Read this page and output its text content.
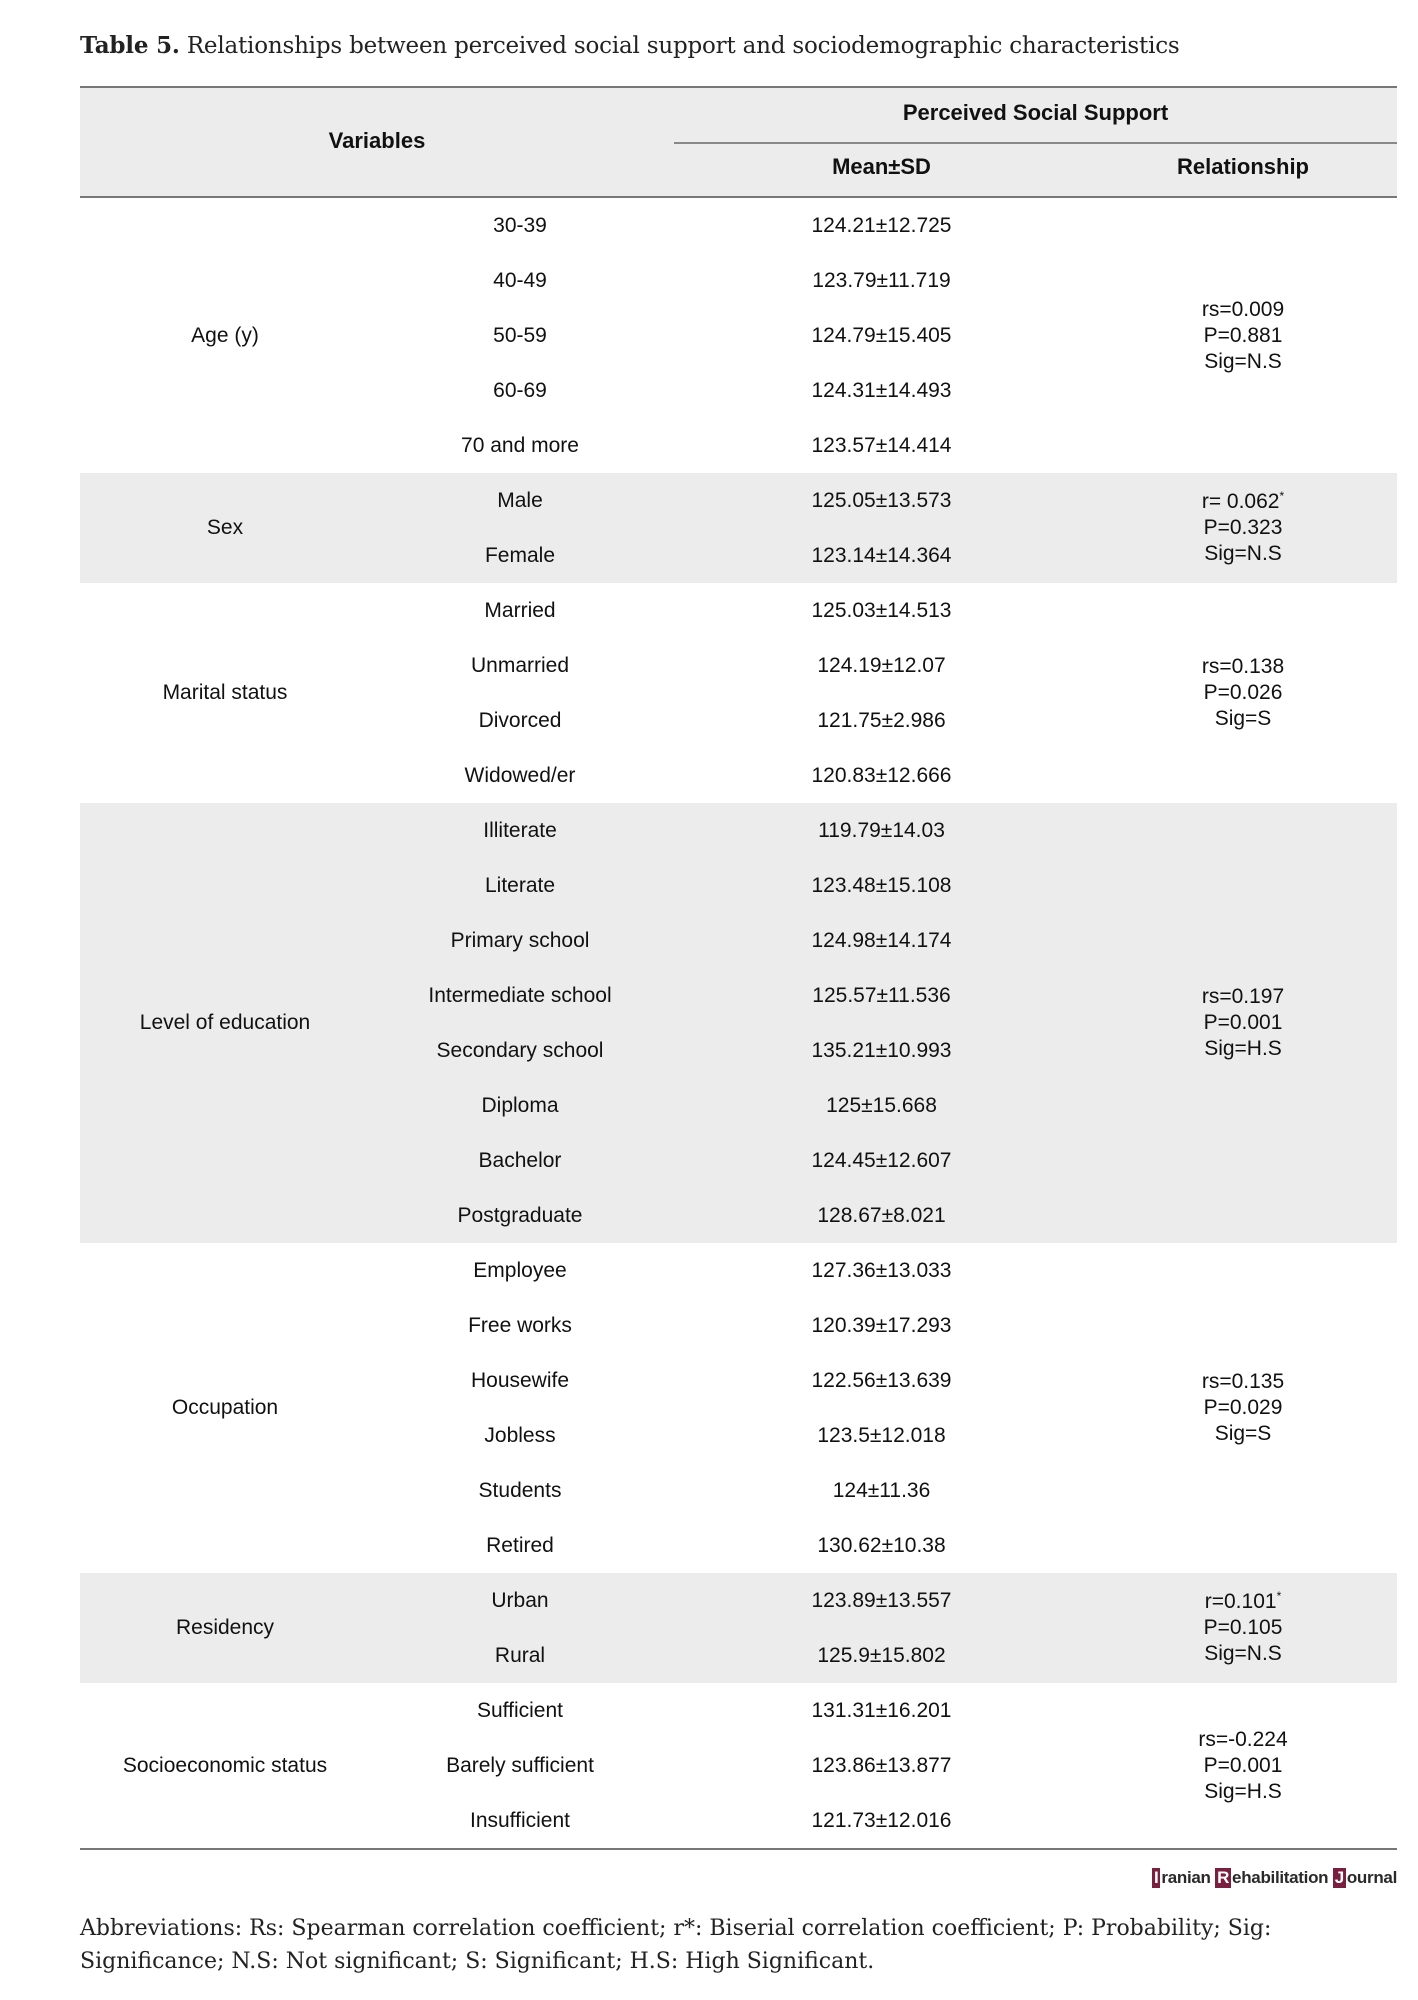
Table 5. Relationships between perceived social support and sociodemographic characteristics
Variables
Perceived Social Support
Mean±SD	Relationship
Age (y)
30-39	124.21±12.725
40-49	123.79±11.719
50-59	124.79±15.405
60-69	124.31±14.493
70 and more	123.57±14.414
rs=0.009
P=0.881
Sig=N.S
Sex
Male	125.05±13.573
Female	123.14±14.364
r= 0.062*
P=0.323
Sig=N.S
Marital status
Married	125.03±14.513
Unmarried	124.19±12.07
Divorced	121.75±2.986
Widowed/er	120.83±12.666
rs=0.138
P=0.026
Sig=S
Level of education
Illiterate	119.79±14.03
Literate	123.48±15.108
Primary school	124.98±14.174
Intermediate school	125.57±11.536
Secondary school	135.21±10.993
Diploma	125±15.668
Bachelor	124.45±12.607
Postgraduate	128.67±8.021
rs=0.197
P=0.001
Sig=H.S
Occupation
Employee	127.36±13.033
Free works	120.39±17.293
Housewife	122.56±13.639
Jobless	123.5±12.018
Students	124±11.36
Retired	130.62±10.38
rs=0.135
P=0.029
Sig=S
Residency
Urban	123.89±13.557
Rural	125.9±15.802
r=0.101*
P=0.105
Sig=N.S
Socioeconomic status
Sufficient	131.31±16.201
Barely sufficient	123.86±13.877
Insufficient	121.73±12.016
rs=-0.224
P=0.001
Sig=H.S
I ranian R ehabilitation J ournal
Abbreviations: Rs: Spearman correlation coefficient; r*: Biserial correlation coefficient; P: Probability; Sig: Significance; N.S: Not significant; S: Significant; H.S: High Significant.
